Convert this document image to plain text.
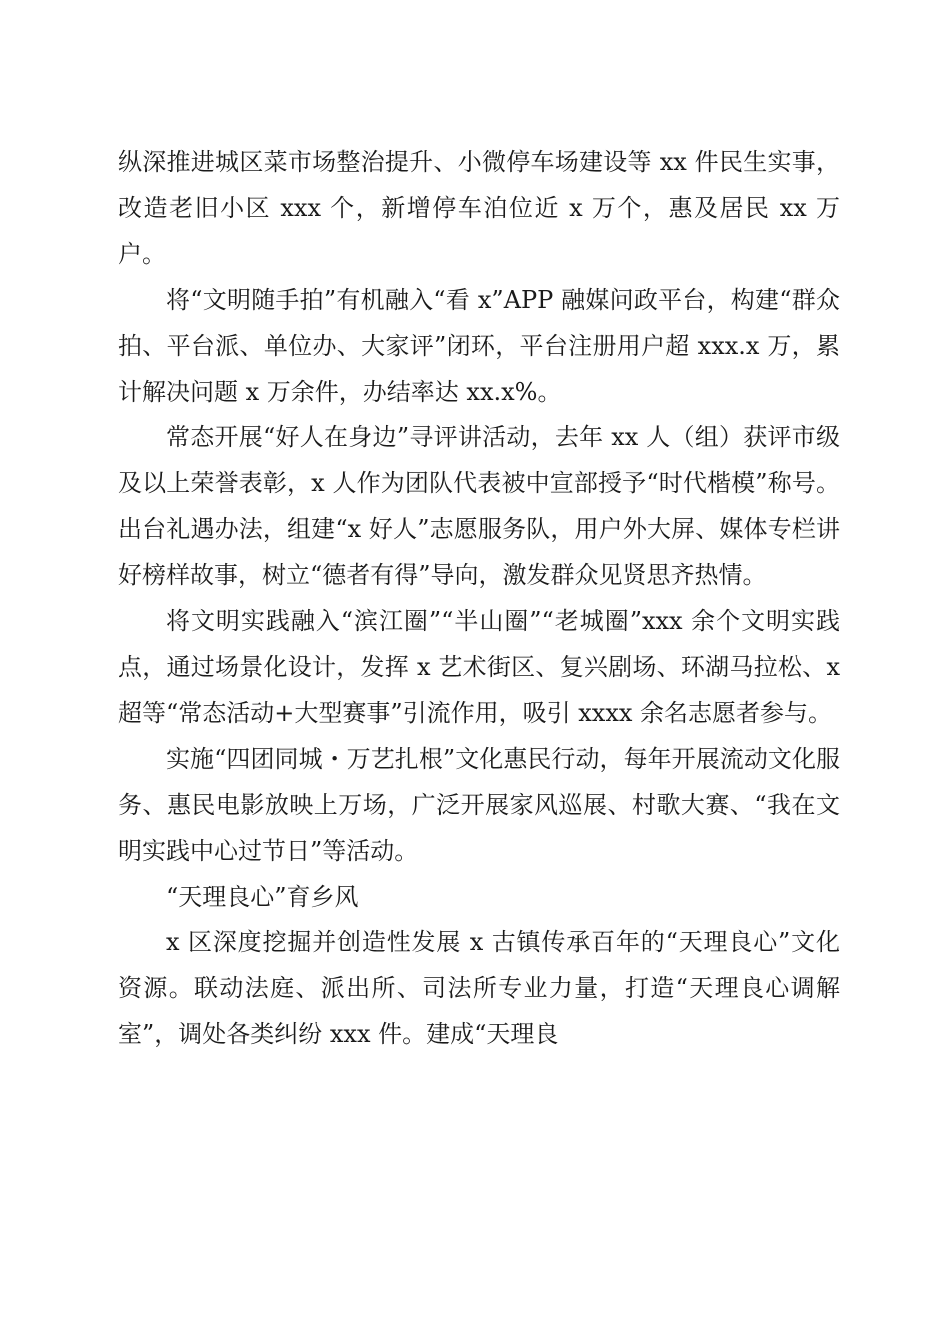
纵深推进城区菜市场整治提升、小微停车场建设等 xx 件民生实事，改造老旧小区 xxx 个，新增停车泊位近 x 万个，惠及居民 xx 万户。

将“文明随手拍”有机融入“看 x”APP 融媒问政平台，构建“群众拍、平台派、单位办、大家评”闭环，平台注册用户超 xxx.x 万，累计解决问题 x 万余件，办结率达 xx.x%。

常态开展“好人在身边”寻评讲活动，去年 xx 人（组）获评市级及以上荣誉表彰，x 人作为团队代表被中宣部授予“时代楷模”称号。出台礼遇办法，组建“x 好人”志愿服务队，用户外大屏、媒体专栏讲好榜样故事，树立“德者有得”导向，激发群众见贤思齐热情。

将文明实践融入“滨江圈”“半山圈”“老城圈”xxx 余个文明实践点，通过场景化设计，发挥 x 艺术街区、复兴剧场、环湖马拉松、x 超等“常态活动+大型赛事”引流作用，吸引 xxxx 余名志愿者参与。

实施“四团同城・万艺扎根”文化惠民行动，每年开展流动文化服务、惠民电影放映上万场，广泛开展家风巡展、村歌大赛、“我在文明实践中心过节日”等活动。

“天理良心”育乡风

x 区深度挖掘并创造性发展 x 古镇传承百年的“天理良心”文化资源。联动法庭、派出所、司法所专业力量，打造“天理良心调解室”，调处各类纠纷 xxx 件。建成“天理良
